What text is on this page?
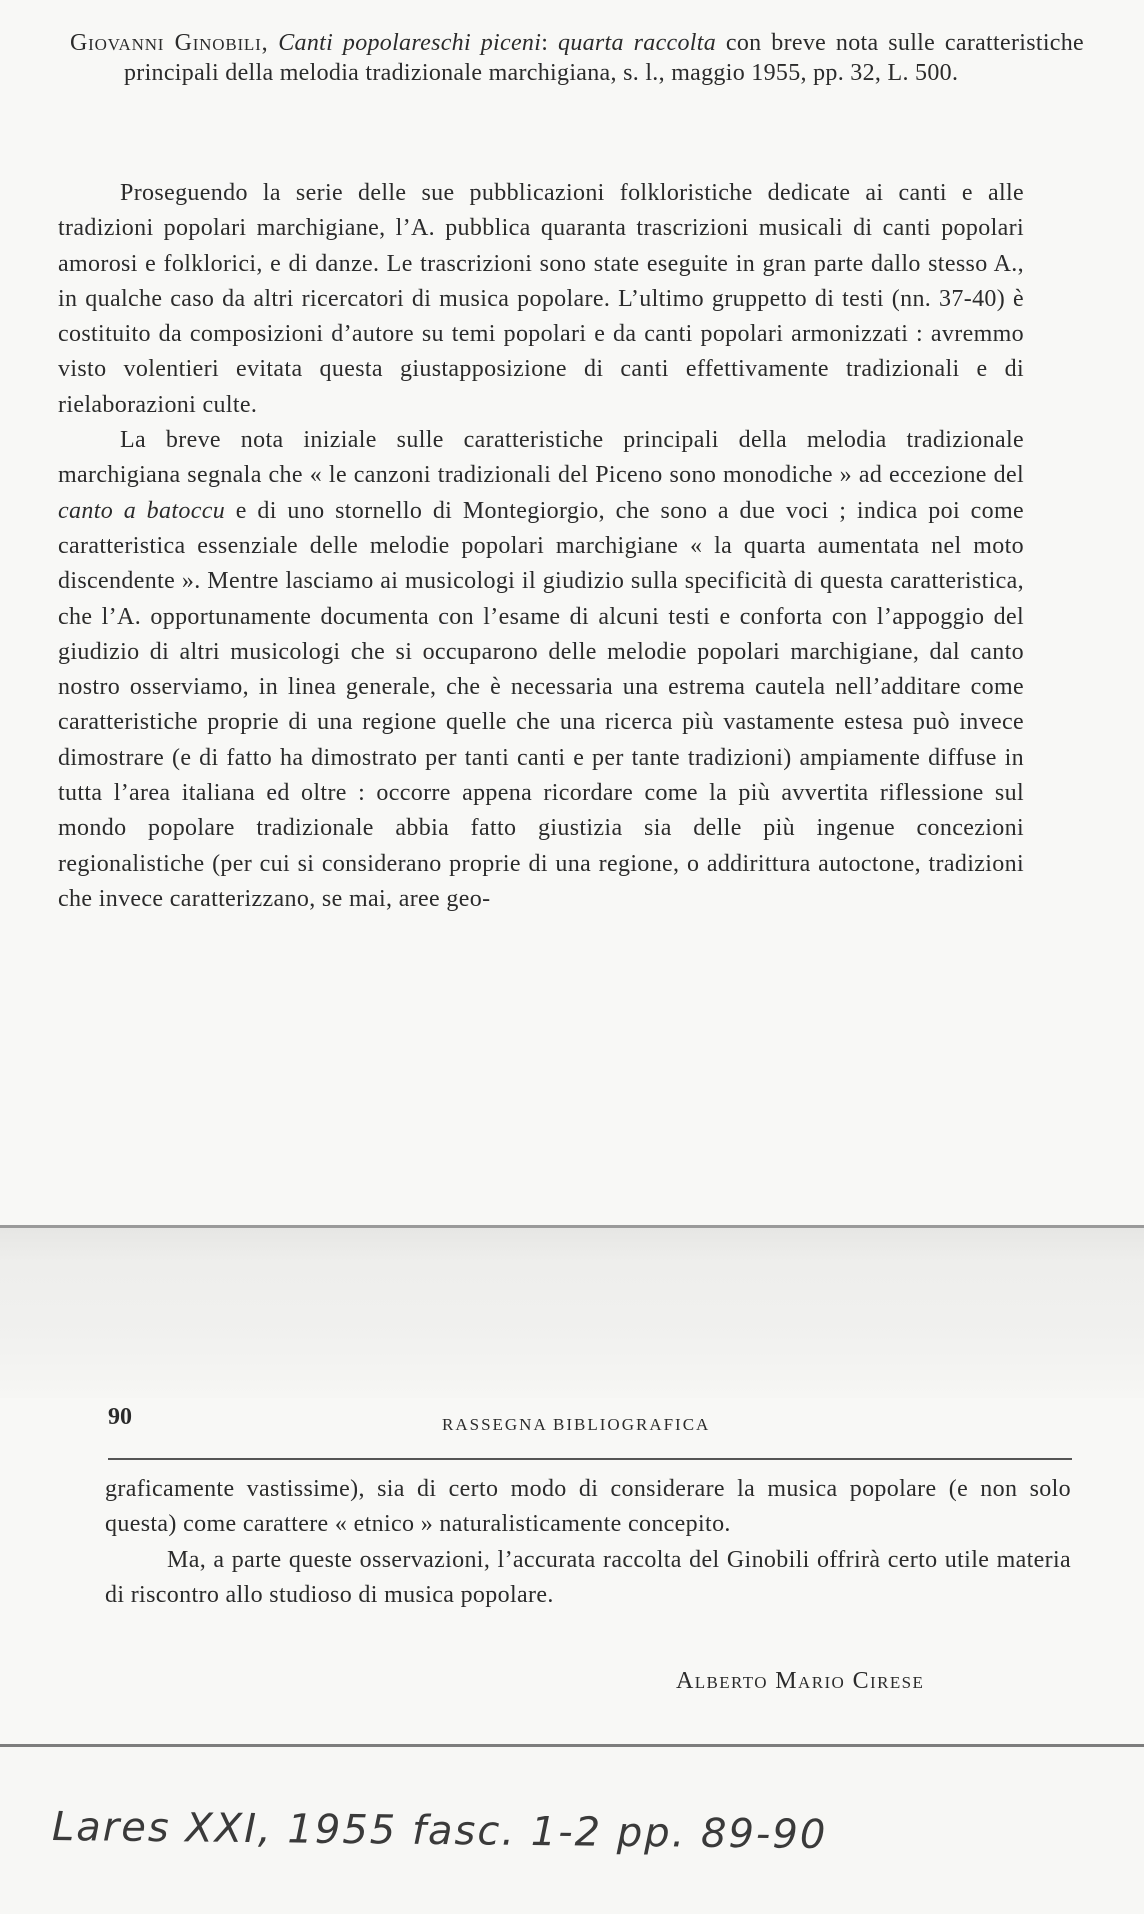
Giovanni Ginobili, Canti popolareschi piceni: quarta raccolta con breve nota sulle caratteristiche principali della melodia tradizionale marchigiana, s. l., maggio 1955, pp. 32, L. 500.

Proseguendo la serie delle sue pubblicazioni folkloristiche dedicate ai canti e alle tradizioni popolari marchigiane, l’A. pubblica quaranta trascrizioni musicali di canti popolari amorosi e folklorici, e di danze. Le trascrizioni sono state eseguite in gran parte dallo stesso A., in qualche caso da altri ricercatori di musica popolare. L’ultimo gruppetto di testi (nn. 37-40) è costituito da composizioni d’autore su temi popolari e da canti popolari armonizzati : avremmo visto volentieri evitata questa giustapposizione di canti effettivamente tradizionali e di rielaborazioni culte.

La breve nota iniziale sulle caratteristiche principali della melodia tradizionale marchigiana segnala che « le canzoni tradizionali del Piceno sono monodiche » ad eccezione del canto a batoccu e di uno stornello di Montegiorgio, che sono a due voci ; indica poi come caratteristica essenziale delle melodie popolari marchigiane « la quarta aumentata nel moto discendente ». Mentre lasciamo ai musicologi il giudizio sulla specificità di questa caratteristica, che l’A. opportunamente documenta con l’esame di alcuni testi e conforta con l’appoggio del giudizio di altri musicologi che si occuparono delle melodie popolari marchigiane, dal canto nostro osserviamo, in linea generale, che è necessaria una estrema cautela nell’additare come caratteristiche proprie di una regione quelle che una ricerca più vastamente estesa può invece dimostrare (e di fatto ha dimostrato per tanti canti e per tante tradizioni) ampiamente diffuse in tutta l’area italiana ed oltre : occorre appena ricordare come la più avvertita riflessione sul mondo popolare tradizionale abbia fatto giustizia sia delle più ingenue concezioni regionalistiche (per cui si considerano proprie di una regione, o addirittura autoctone, tradizioni che invece caratterizzano, se mai, aree geo-

90	RASSEGNA BIBLIOGRAFICA

graficamente vastissime), sia di certo modo di considerare la musica popolare (e non solo questa) come carattere « etnico » naturalisticamente concepito.

Ma, a parte queste osservazioni, l’accurata raccolta del Ginobili offrirà certo utile materia di riscontro allo studioso di musica popolare.

Alberto Mario Cirese
Lares XXI, 1955 fasc. 1-2 pp. 89-90
